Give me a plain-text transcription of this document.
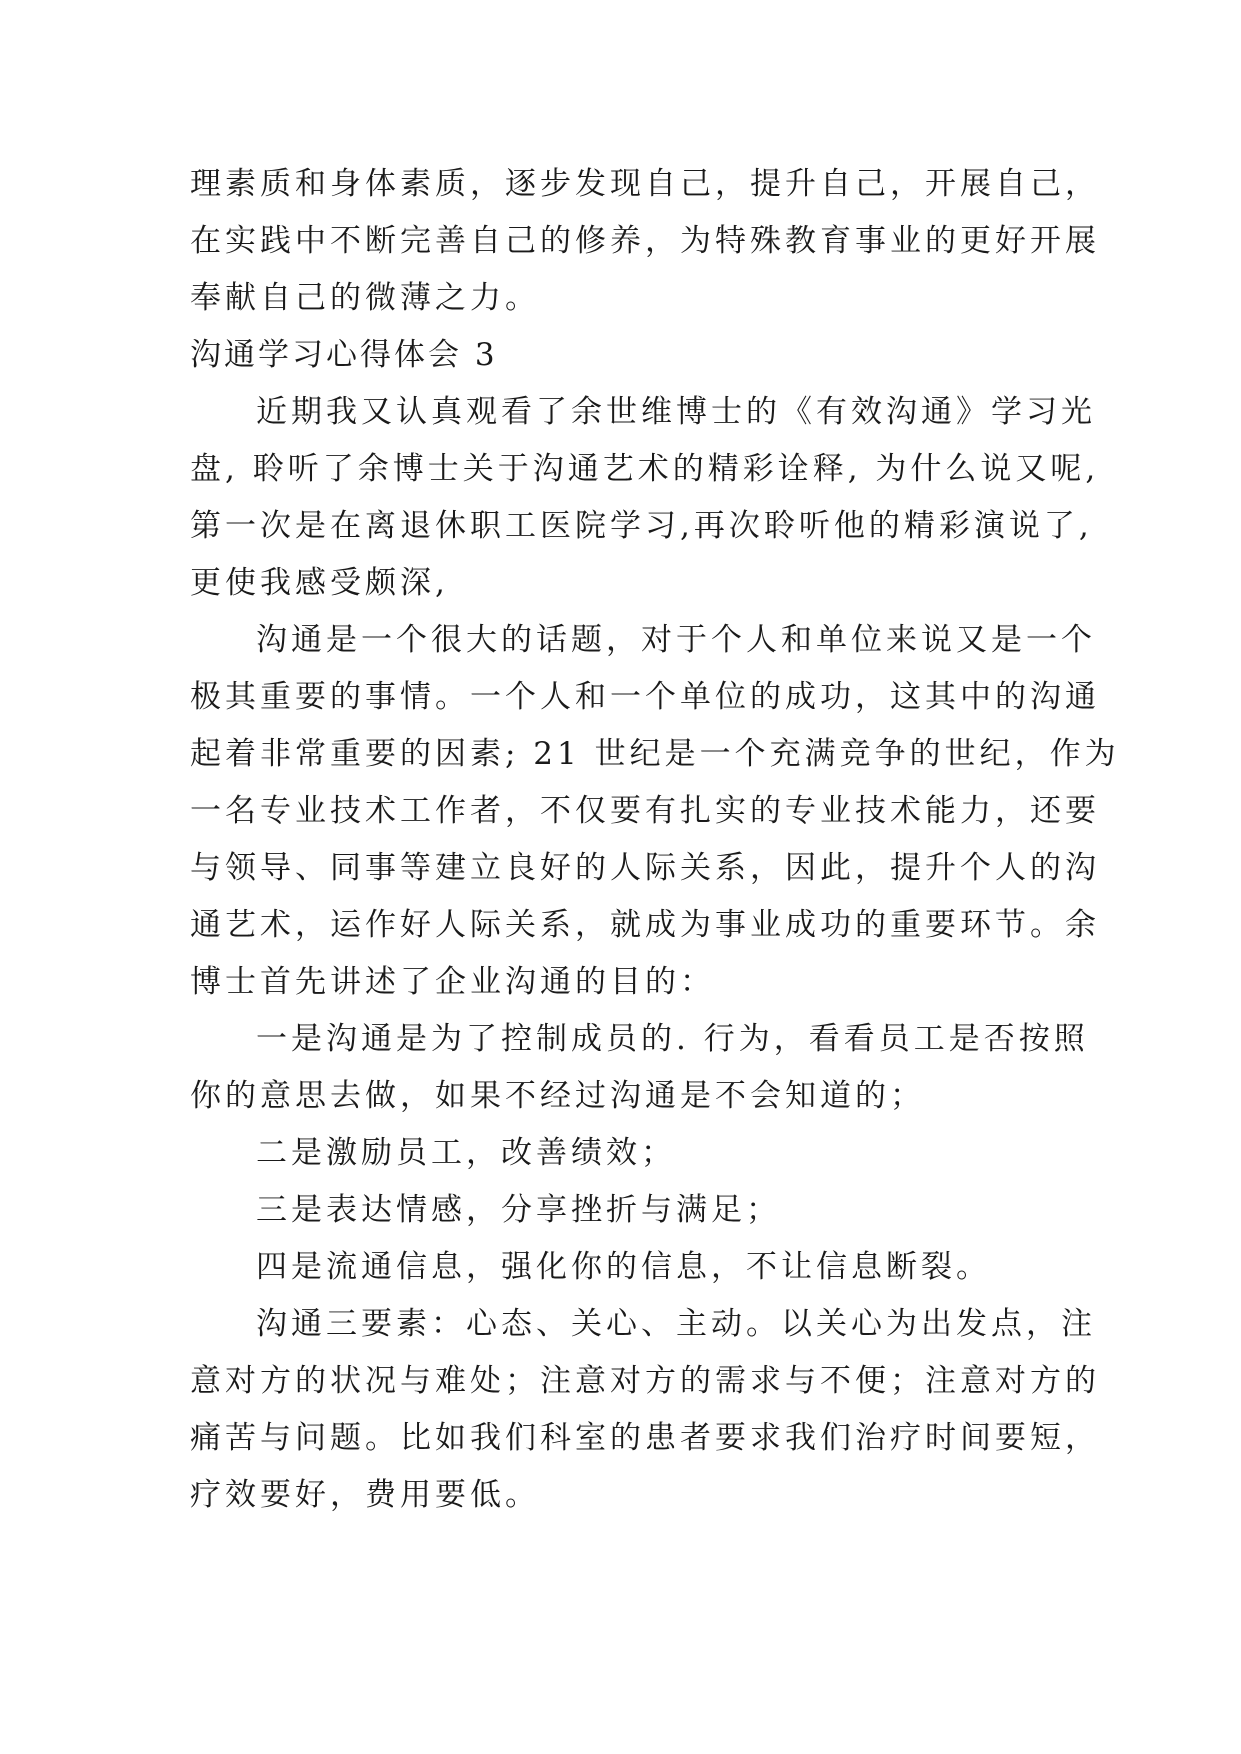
理素质和身体素质，逐步发现自己，提升自己，开展自己，
在实践中不断完善自己的修养，为特殊教育事业的更好开展
奉献自己的微薄之力。
沟通学习心得体会 3
近期我又认真观看了余世维博士的《有效沟通》学习光
盘, 聆听了余博士关于沟通艺术的精彩诠释, 为什么说又呢,
第一次是在离退休职工医院学习,再次聆听他的精彩演说了,
更使我感受颇深,
沟通是一个很大的话题，对于个人和单位来说又是一个
极其重要的事情。一个人和一个单位的成功，这其中的沟通
起着非常重要的因素; 21 世纪是一个充满竞争的世纪，作为
一名专业技术工作者，不仅要有扎实的专业技术能力，还要
与领导、同事等建立良好的人际关系，因此，提升个人的沟
通艺术，运作好人际关系，就成为事业成功的重要环节。余
博士首先讲述了企业沟通的目的：
一是沟通是为了控制成员的. 行为，看看员工是否按照
你的意思去做，如果不经过沟通是不会知道的；
二是激励员工，改善绩效；
三是表达情感，分享挫折与满足；
四是流通信息，强化你的信息，不让信息断裂。
沟通三要素：心态、关心、主动。以关心为出发点，注
意对方的状况与难处；注意对方的需求与不便；注意对方的
痛苦与问题。比如我们科室的患者要求我们治疗时间要短，
疗效要好，费用要低。
